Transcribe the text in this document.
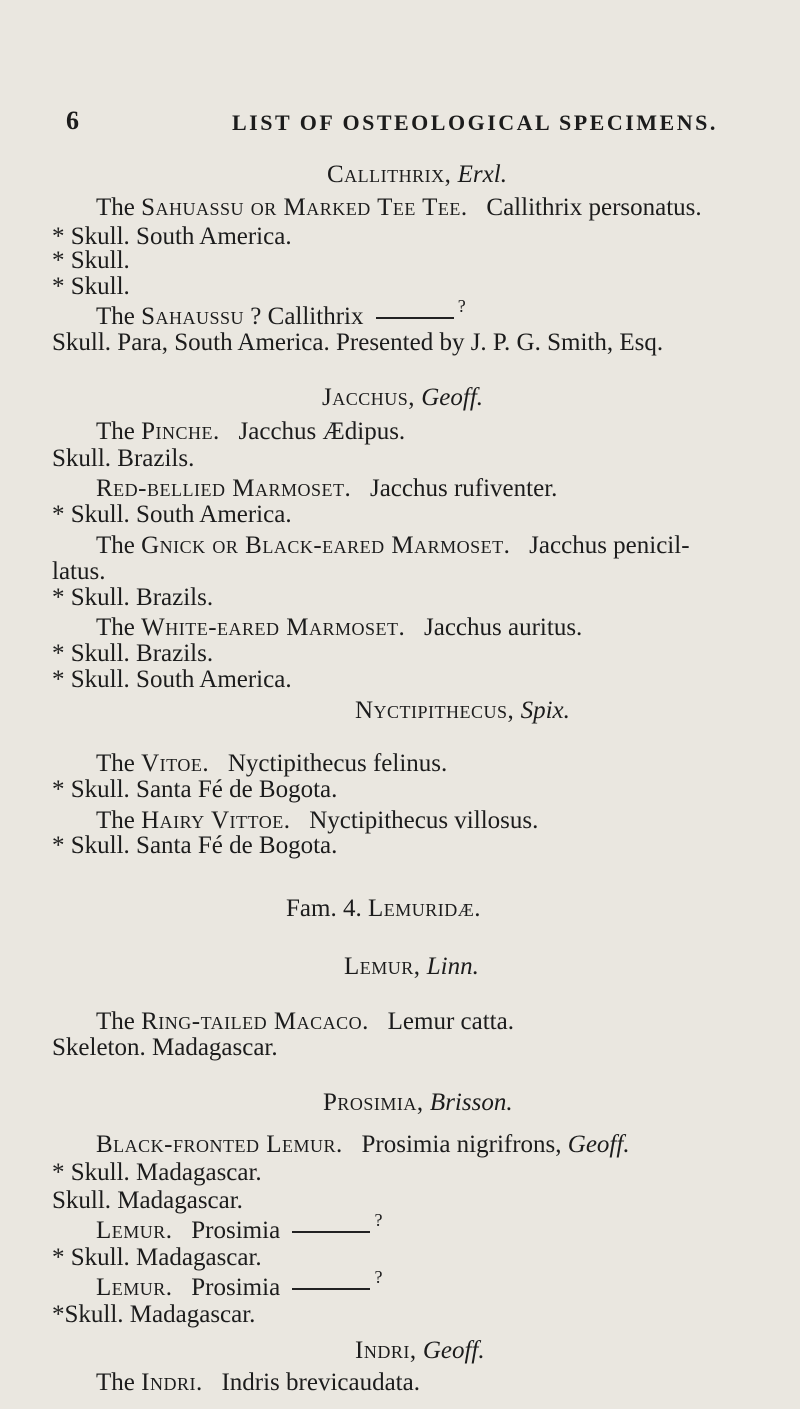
6	LIST OF OSTEOLOGICAL SPECIMENS.
Callithrix, Erxl.
The Sahuassu or Marked Tee Tee. Callithrix personatus.
* Skull. South America.
* Skull.
* Skull.
The Sahaussu ? Callithrix	?
Skull. Para, South America. Presented by J. P. G. Smith, Esq.
Jacchus, Geoff.
The Pinche. Jacchus Ædipus.
Skull. Brazils.
Red-bellied Marmoset. Jacchus rufiventer.
* Skull. South America.
The Gnick or Black-eared Marmoset. Jacchus penicil-
latus.
* Skull. Brazils.
The White-eared Marmoset. Jacchus auritus.
* Skull. Brazils.
* Skull. South America.
Nyctipithecus, Spix.
The Vitoe. Nyctipithecus felinus.
* Skull. Santa Fé de Bogota.
The Hairy Vittoe. Nyctipithecus villosus.
* Skull. Santa Fé de Bogota.
Fam. 4. Lemuridæ.
Lemur, Linn.
The Ring-tailed Macaco. Lemur catta.
Skeleton. Madagascar.
Prosimia, Brisson.
Black-fronted Lemur. Prosimia nigrifrons, Geoff.
* Skull. Madagascar.
Skull. Madagascar.
Lemur. Prosimia	?
* Skull. Madagascar.
Lemur. Prosimia	?
*Skull. Madagascar.
Indri, Geoff.
The Indri. Indris brevicaudata.
